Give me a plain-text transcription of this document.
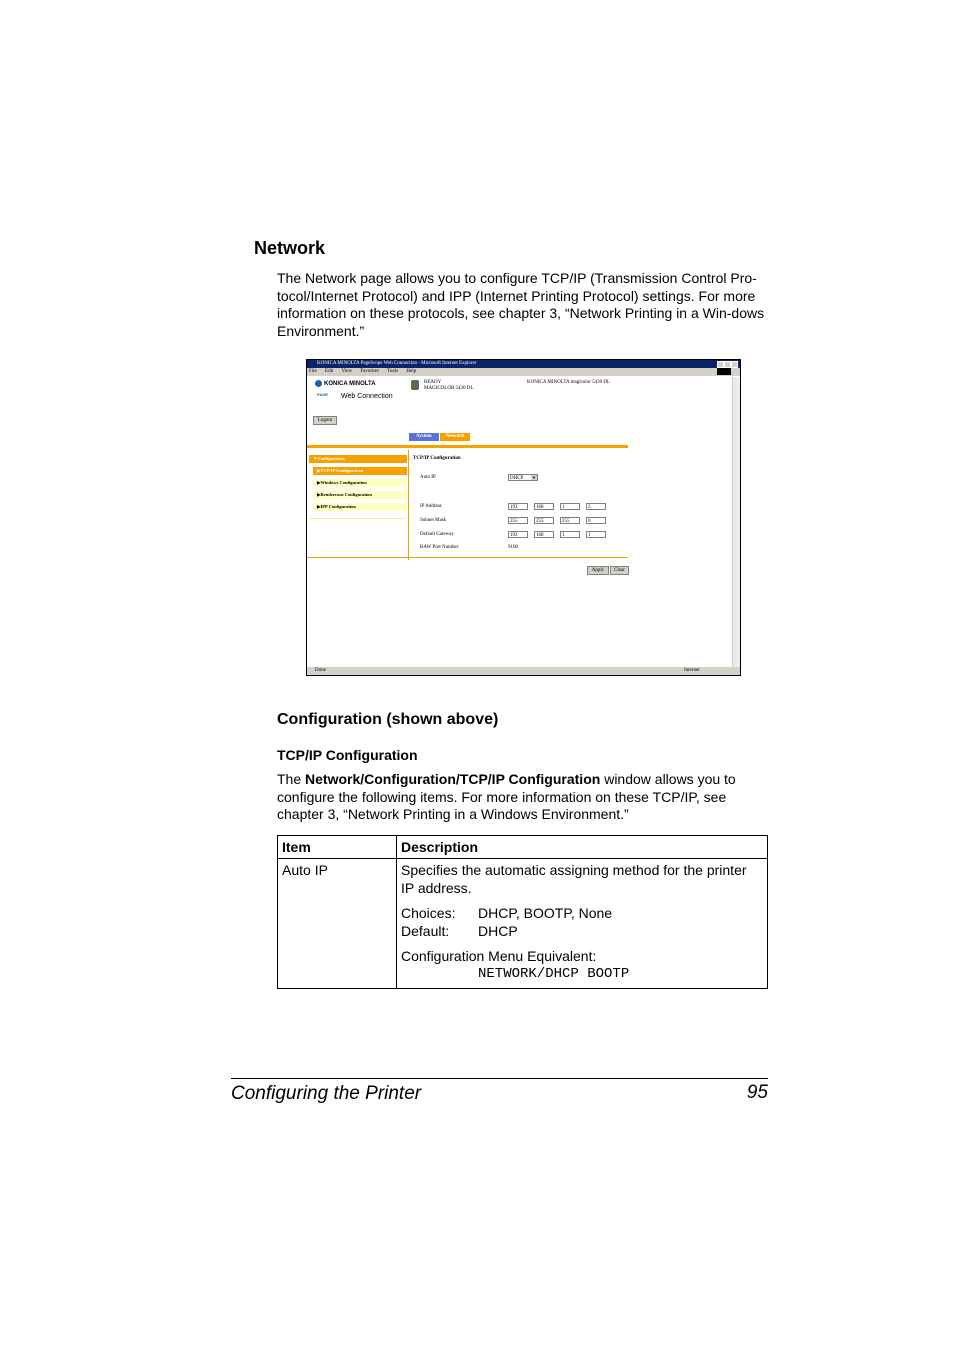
Network

The Network page allows you to configure TCP/IP (Transmission Control Pro-tocol/Internet Protocol) and IPP (Internet Printing Protocol) settings. For more information on these protocols, see chapter 3, “Network Printing in a Win-dows Environment.”

KONICA MINOLTA PageScope Web Connection - Microsoft Internet Explorer
File Edit View Favorites Tools Help
KONICA MINOLTA
PAGE Web Connection
READY
MAGICOLOR 5430 DL
KONICA MINOLTA magicolor 5430 DL
Logout
System	Network
▼Configuration
▶TCP/IP Configuration
▶Windows Configuration
▶Rendezvous Configuration
▶IPP Configuration
TCP/IP Configuration
Auto IP	DHCP ▼
IP Address	192	168	1	2
Subnet Mask	255	255	255	0
Default Gateway	192	168	1	1
RAW Port Number	9100
Apply	Clear
Done	Internet
Configuration (shown above)
TCP/IP Configuration

The Network/Configuration/TCP/IP Configuration window allows you to configure the following items. For more information on these TCP/IP, see chapter 3, “Network Printing in a Windows Environment.”

Item	Description
Auto IP	Specifies the automatic assigning method for the printer IP address.
Choices: DHCP, BOOTP, None
Default: DHCP
Configuration Menu Equivalent:
NETWORK/DHCP BOOTP
Configuring the Printer	95
